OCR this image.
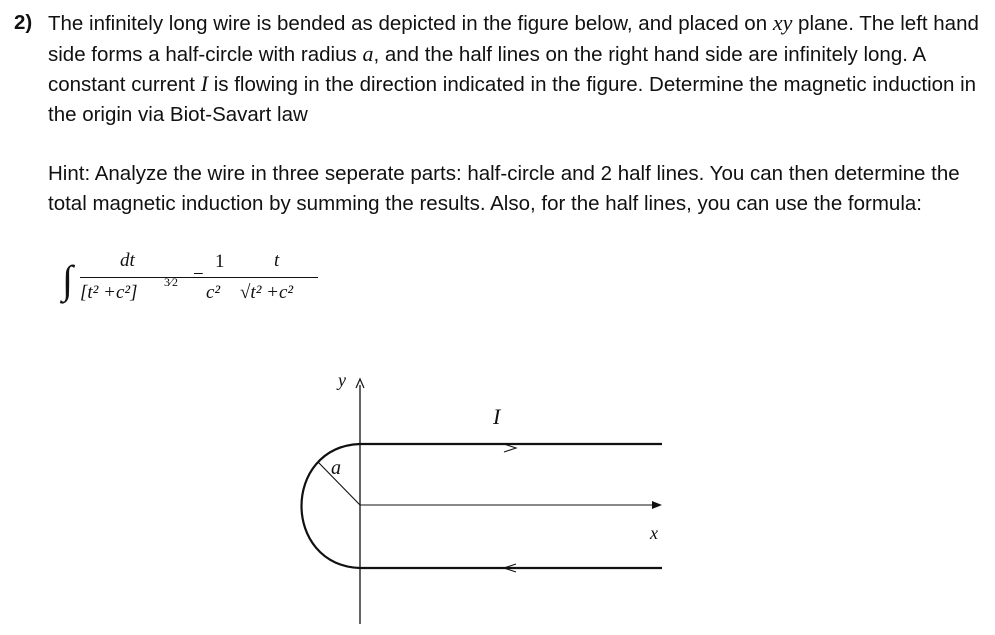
2) The infinitely long wire is bended as depicted in the figure below, and placed on xy plane. The left hand side forms a half-circle with radius a, and the half lines on the right hand side are infinitely long. A constant current I is flowing in the direction indicated in the figure. Determine the magnetic induction in the origin via Biot-Savart law
Hint: Analyze the wire in three seperate parts: half-circle and 2 half lines. You can then determine the total magnetic induction by summing the results. Also, for the half lines, you can use the formula:
∫ dt
[t² +c²] 3⁄2 =
1
c²
t
√t² +c²
y
I
a
x
